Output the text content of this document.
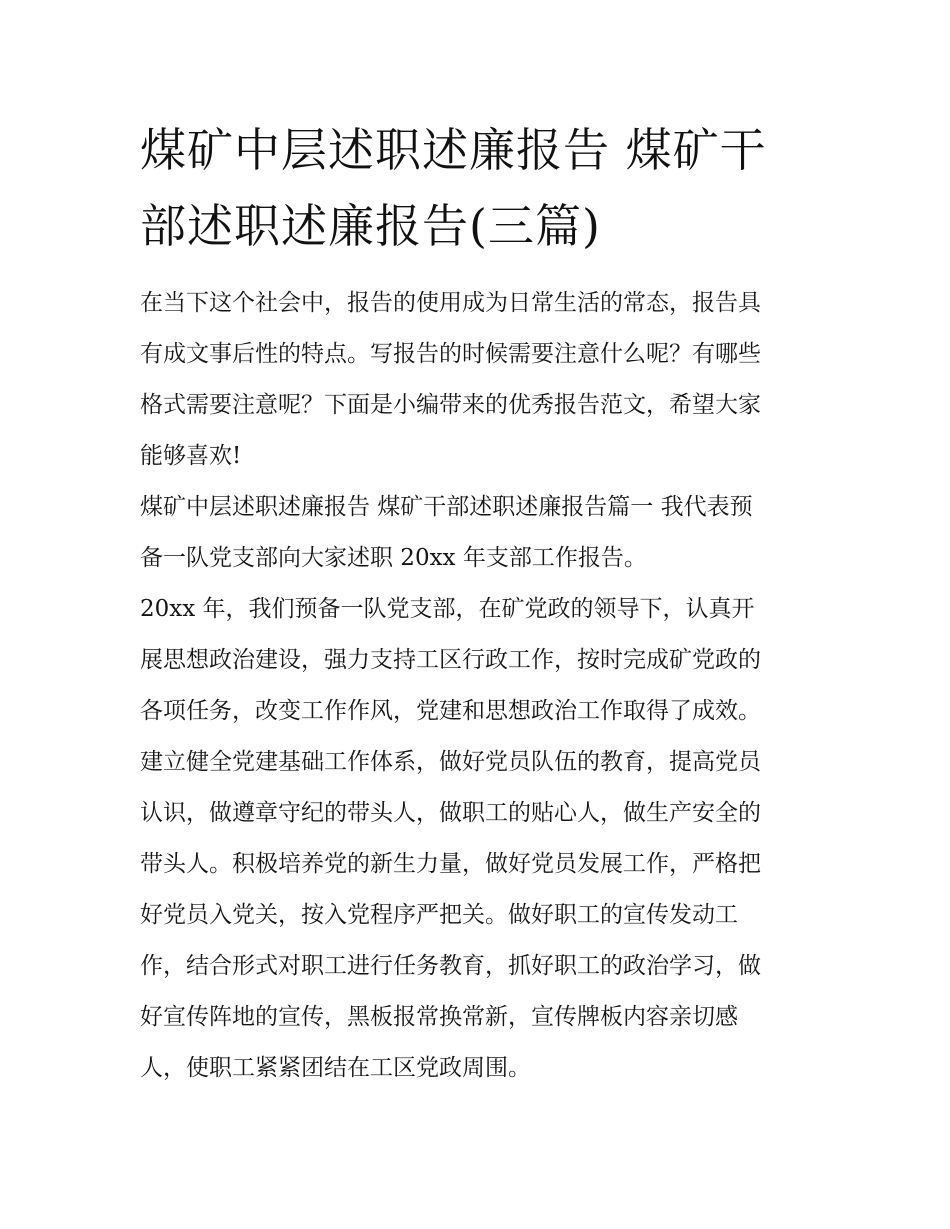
煤矿中层述职述廉报告 煤矿干
部述职述廉报告(三篇)

在当下这个社会中，报告的使用成为日常生活的常态，报告具
有成文事后性的特点。写报告的时候需要注意什么呢？有哪些
格式需要注意呢？下面是小编带来的优秀报告范文，希望大家
能够喜欢!

煤矿中层述职述廉报告 煤矿干部述职述廉报告篇一 我代表预
备一队党支部向大家述职 20xx 年支部工作报告。

20xx 年，我们预备一队党支部，在矿党政的领导下，认真开
展思想政治建设，强力支持工区行政工作，按时完成矿党政的
各项任务，改变工作作风，党建和思想政治工作取得了成效。

建立健全党建基础工作体系，做好党员队伍的教育，提高党员
认识，做遵章守纪的带头人，做职工的贴心人，做生产安全的
带头人。积极培养党的新生力量，做好党员发展工作，严格把
好党员入党关，按入党程序严把关。做好职工的宣传发动工
作，结合形式对职工进行任务教育，抓好职工的政治学习，做
好宣传阵地的宣传，黑板报常换常新，宣传牌板内容亲切感
人，使职工紧紧团结在工区党政周围。
